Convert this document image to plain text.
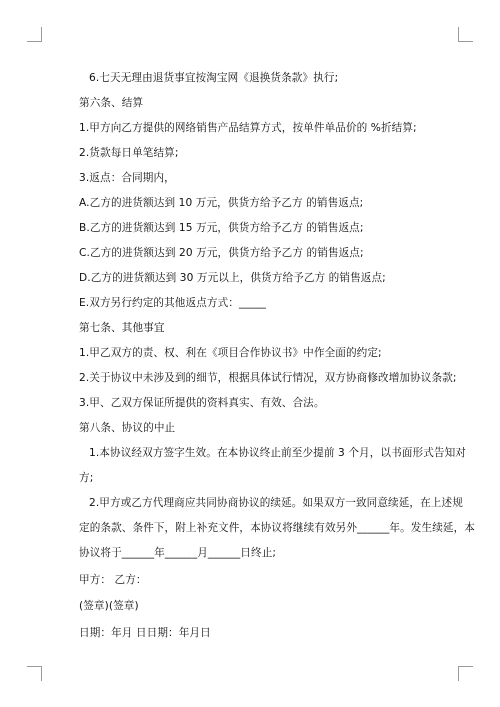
6.七天无理由退货事宜按淘宝网《退换货条款》执行;
第六条、结算
1.甲方向乙方提供的网络销售产品结算方式，按单件单品价的 %折结算;
2.货款每日单笔结算;
3.返点：合同期内，
A.乙方的进货额达到 10 万元，供货方给予乙方 的销售返点;
B.乙方的进货额达到 15 万元，供货方给予乙方 的销售返点;
C.乙方的进货额达到 20 万元，供货方给予乙方 的销售返点;
D.乙方的进货额达到 30 万元以上，供货方给予乙方 的销售返点;
E.双方另行约定的其他返点方式：_____
第七条、其他事宜
1.甲乙双方的责、权、利在《项目合作协议书》中作全面的约定;
2.关于协议中未涉及到的细节，根据具体试行情况，双方协商修改增加协议条款;
3.甲、乙双方保证所提供的资料真实、有效、合法。
第八条、协议的中止
1.本协议经双方签字生效。在本协议终止前至少提前 3 个月，以书面形式告知对
方;
2.甲方或乙方代理商应共同协商协议的续延。如果双方一致同意续延，在上述规
定的条款、条件下，附上补充文件，本协议将继续有效另外______年。发生续延，本
协议将于______年______月______日终止;
甲方： 乙方：
(签章)(签章)
日期：年月 日日期：年月日
